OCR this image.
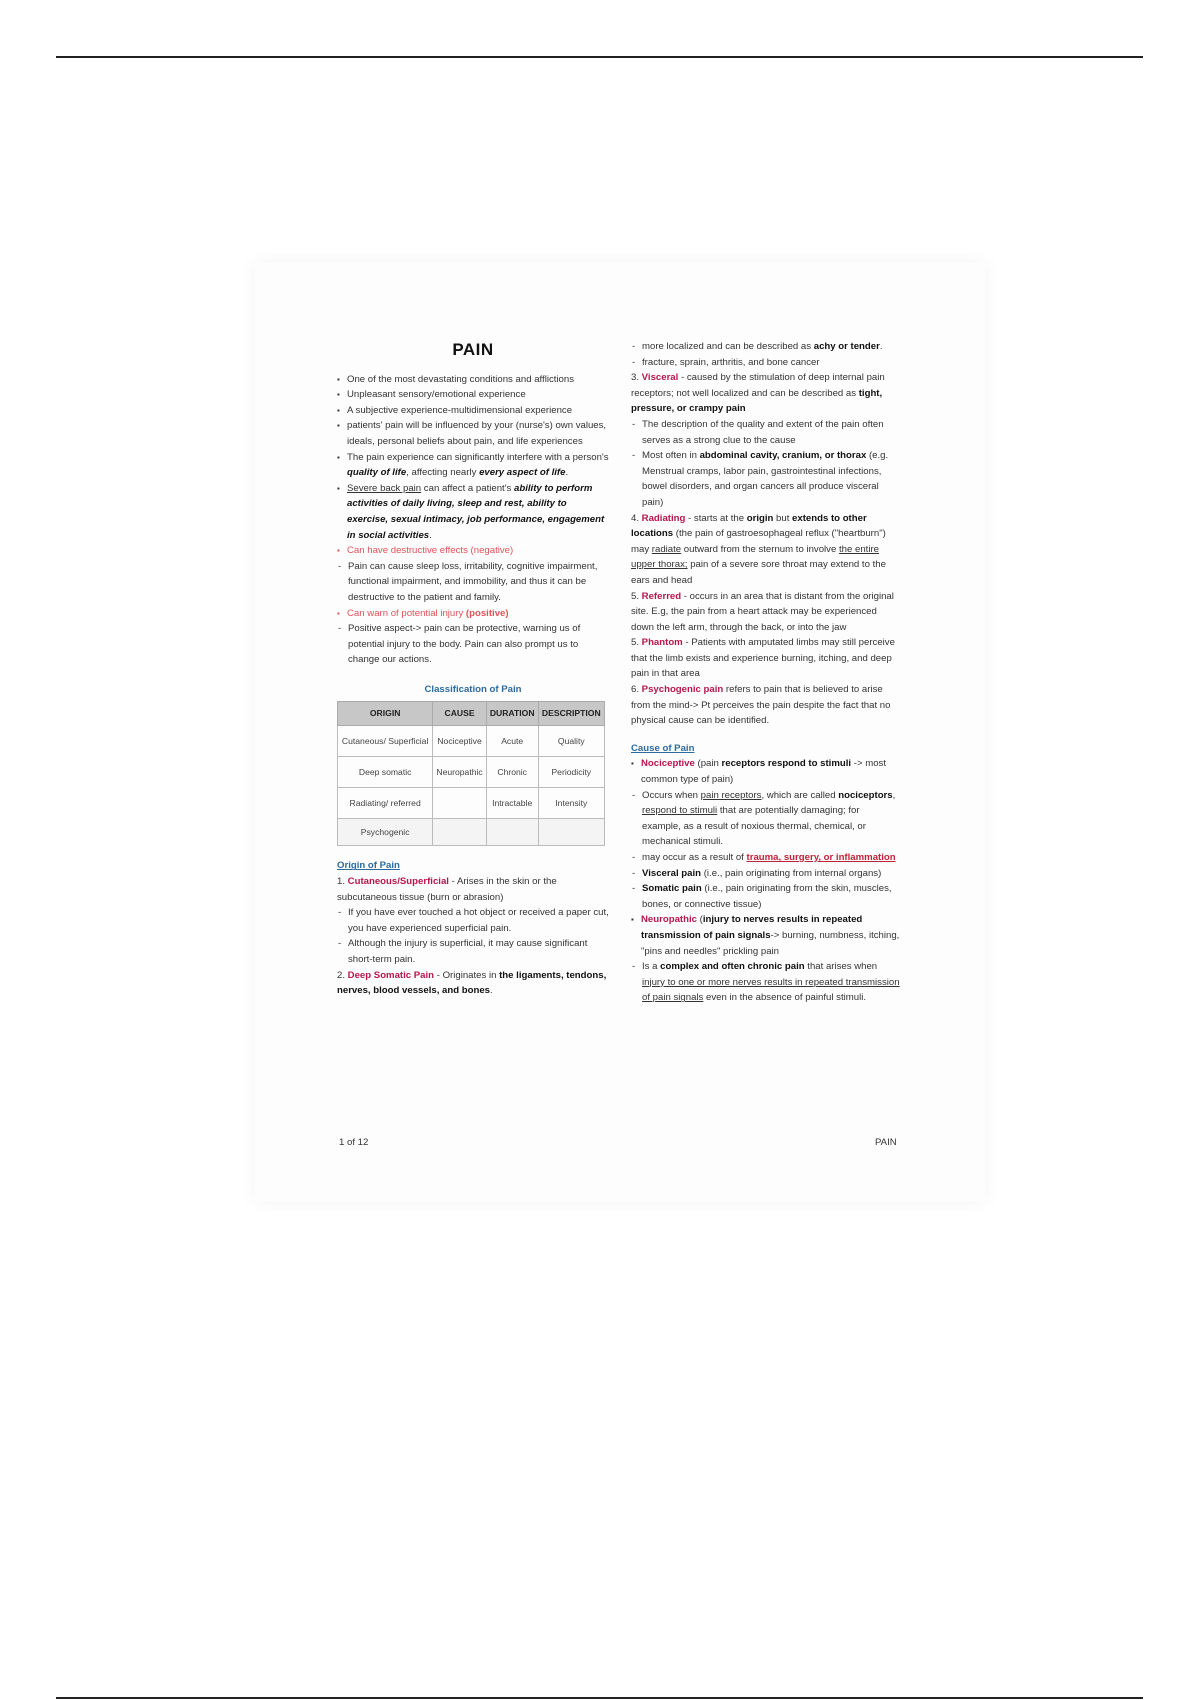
PAIN
▪ One of the most devastating conditions and afflictions
▪ Unpleasant sensory/emotional experience
▪ A subjective experience-multidimensional experience
▪ patients' pain will be influenced by your (nurse's) own values, ideals, personal beliefs about pain, and life experiences
▪ The pain experience can significantly interfere with a person's quality of life, affecting nearly every aspect of life.
▪ Severe back pain can affect a patient's ability to perform activities of daily living, sleep and rest, ability to exercise, sexual intimacy, job performance, engagement in social activities.
▪ Can have destructive effects (negative)
- Pain can cause sleep loss, irritability, cognitive impairment, functional impairment, and immobility, and thus it can be destructive to the patient and family.
▪ Can warn of potential injury (positive)
- Positive aspect-> pain can be protective, warning us of potential injury to the body. Pain can also prompt us to change our actions.
Classification of Pain
ORIGIN	CAUSE	DURATION	DESCRIPTION
Cutaneous/ Superficial	Nociceptive	Acute	Quality
Deep somatic	Neuropathic	Chronic	Periodicity
Radiating/ referred		Intractable	Intensity
Psychogenic			
Origin of Pain
1. Cutaneous/Superficial - Arises in the skin or the subcutaneous tissue (burn or abrasion)
- If you have ever touched a hot object or received a paper cut, you have experienced superficial pain.
- Although the injury is superficial, it may cause significant short-term pain.
2. Deep Somatic Pain - Originates in the ligaments, tendons, nerves, blood vessels, and bones.
- more localized and can be described as achy or tender.
- fracture, sprain, arthritis, and bone cancer
3. Visceral - caused by the stimulation of deep internal pain receptors; not well localized and can be described as tight, pressure, or crampy pain
- The description of the quality and extent of the pain often serves as a strong clue to the cause
- Most often in abdominal cavity, cranium, or thorax (e.g. Menstrual cramps, labor pain, gastrointestinal infections, bowel disorders, and organ cancers all produce visceral pain)
4. Radiating - starts at the origin but extends to other locations (the pain of gastroesophageal reflux ("heartburn") may radiate outward from the sternum to involve the entire upper thorax; pain of a severe sore throat may extend to the ears and head
5. Referred - occurs in an area that is distant from the original site. E.g, the pain from a heart attack may be experienced down the left arm, through the back, or into the jaw
5. Phantom - Patients with amputated limbs may still perceive that the limb exists and experience burning, itching, and deep pain in that area
6. Psychogenic pain refers to pain that is believed to arise from the mind-> Pt perceives the pain despite the fact that no physical cause can be identified.
Cause of Pain
▪ Nociceptive (pain receptors respond to stimuli -> most common type of pain)
- Occurs when pain receptors, which are called nociceptors, respond to stimuli that are potentially damaging; for example, as a result of noxious thermal, chemical, or mechanical stimuli.
- may occur as a result of trauma, surgery, or inflammation
- Visceral pain (i.e., pain originating from internal organs)
- Somatic pain (i.e., pain originating from the skin, muscles, bones, or connective tissue)
▪ Neuropathic (injury to nerves results in repeated transmission of pain signals-> burning, numbness, itching, "pins and needles" prickling pain
- Is a complex and often chronic pain that arises when injury to one or more nerves results in repeated transmission of pain signals even in the absence of painful stimuli.
1 of 12	PAIN
